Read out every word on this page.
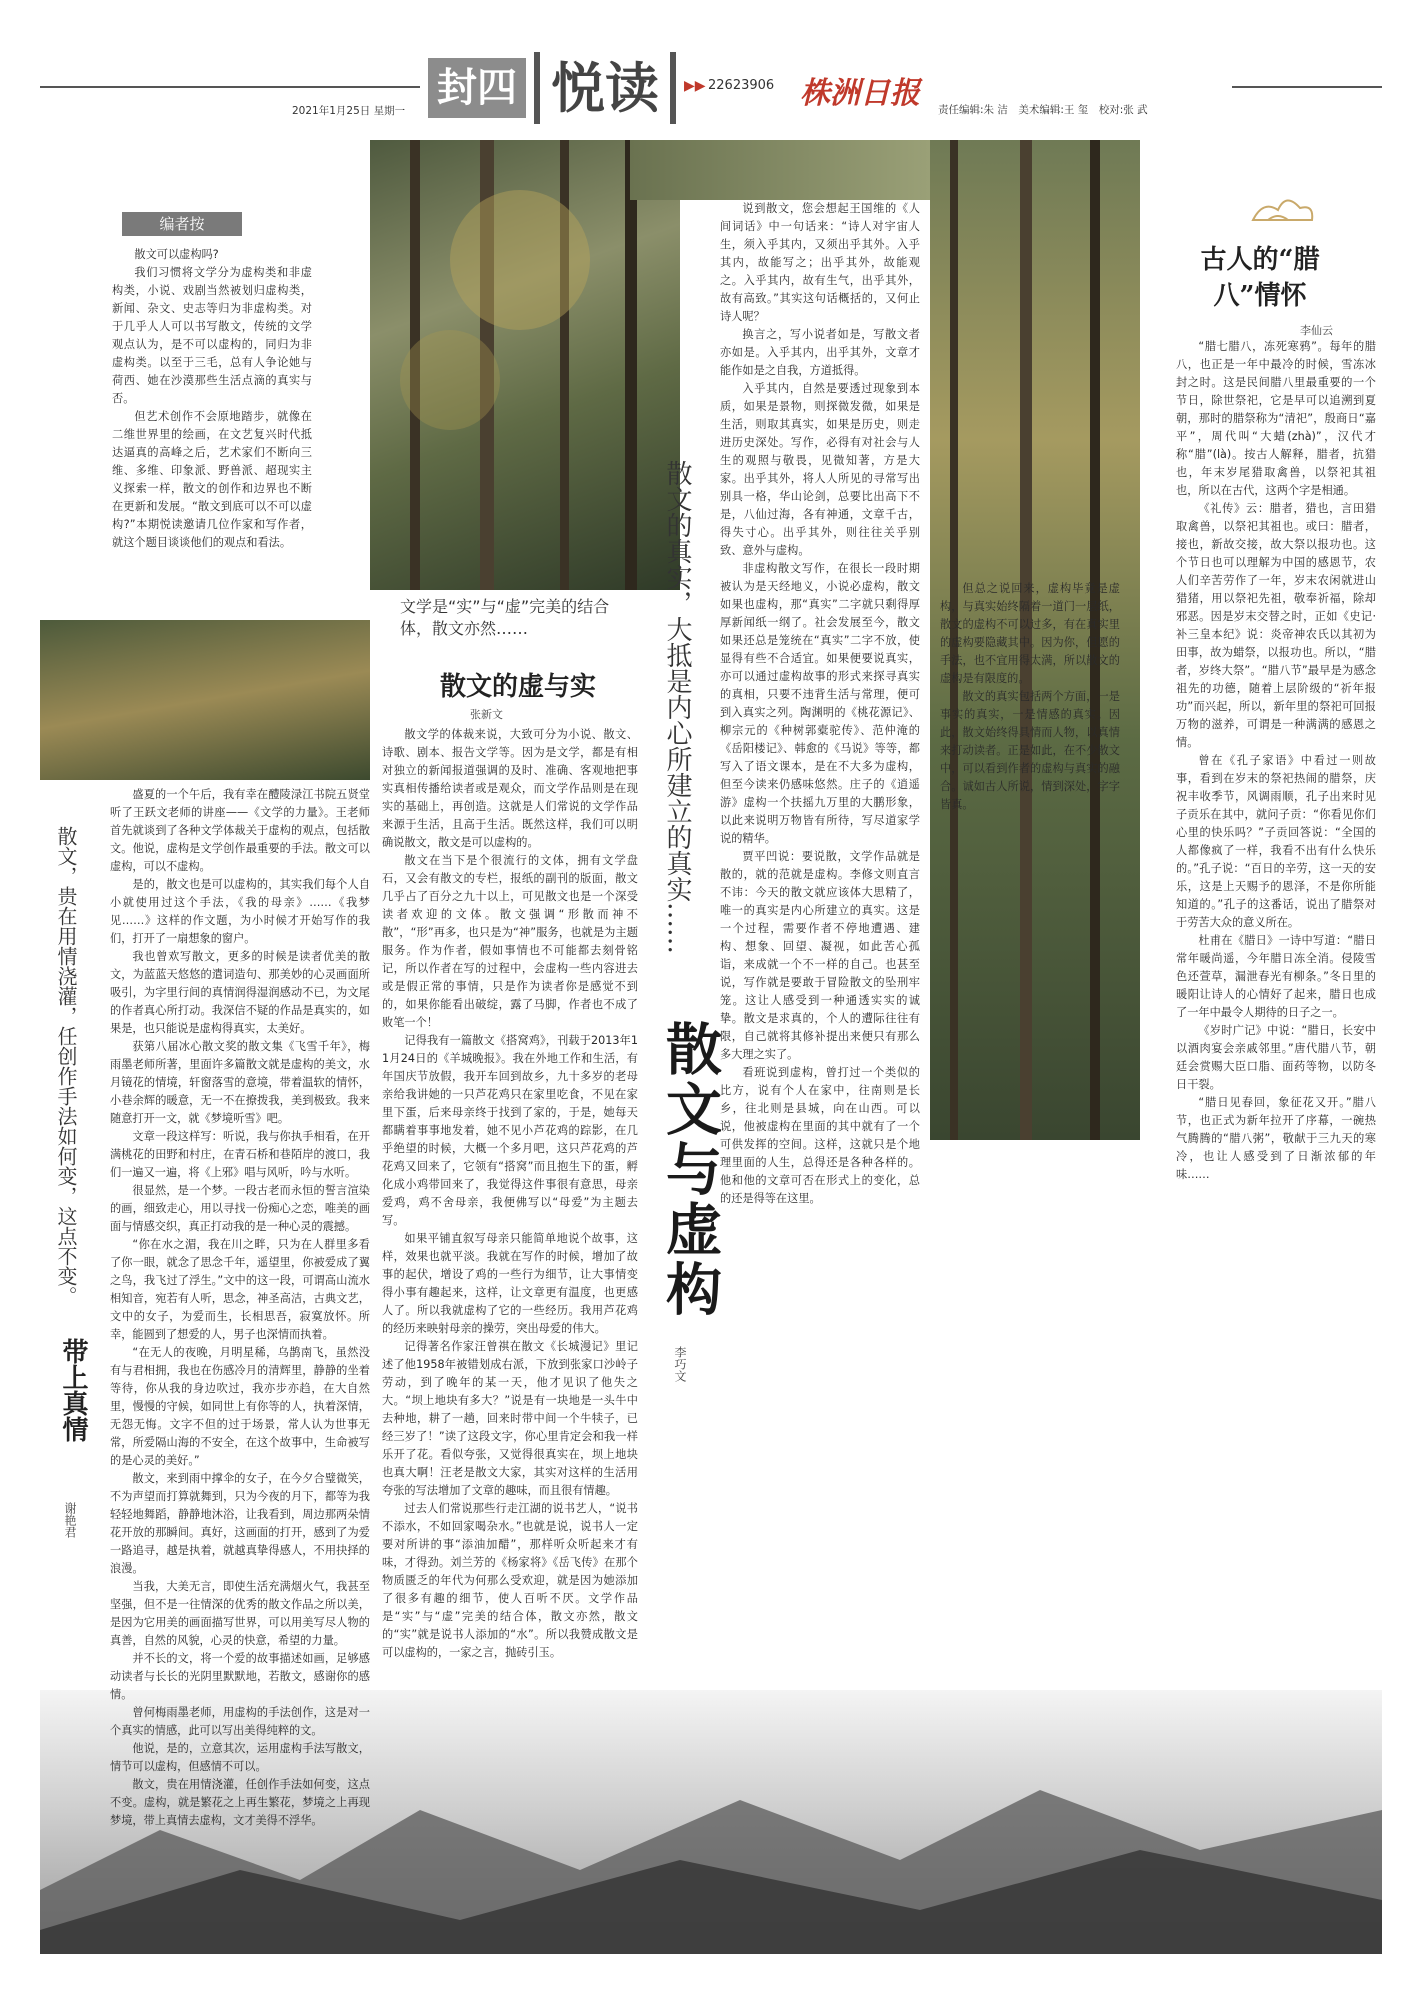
封四 悦读	▶▶ 22623906 株洲日报
2021年1月25日 星期一	责任编辑:朱 洁　美术编辑:王 玺　校对:张 武
编者按

散文可以虚构吗?

我们习惯将文学分为虚构类和非虚构类，小说、戏剧当然被划归虚构类，新闻、杂文、史志等归为非虚构类。对于几乎人人可以书写散文，传统的文学观点认为，是不可以虚构的，同归为非虚构类。以至于三毛，总有人争论她与荷西、她在沙漠那些生活点滴的真实与否。

但艺术创作不会原地踏步，就像在二维世界里的绘画，在文艺复兴时代抵达逼真的高峰之后，艺术家们不断向三维、多维、印象派、野兽派、超现实主义探索一样，散文的创作和边界也不断在更新和发展。“散文到底可以不可以虚构?”本期悦读邀请几位作家和写作者，就这个题目谈谈他们的观点和看法。

散文，贵在用情浇灌，任创作手法如何变，这点不变。
带上真情
谢艳君

盛夏的一个午后，我有幸在醴陵渌江书院五贤堂听了王跃文老师的讲座——《文学的力量》。王老师首先就谈到了各种文学体裁关于虚构的观点，包括散文。他说，虚构是文学创作最重要的手法。散文可以虚构，可以不虚构。

是的，散文也是可以虚构的，其实我们每个人自小就使用过这个手法，《我的母亲》……《我梦见……》这样的作文题，为小时候才开始写作的我们，打开了一扇想象的窗户。

我也曾欢写散文，更多的时候是读者优美的散文，为蓝蓝天悠悠的遣词造句、那美妙的心灵画面所吸引，为字里行间的真情润得湿润感动不已，为文尾的作者真心所打动。我深信不疑的作品是真实的，如果是，也只能说是虚构得真实，太美好。

获第八届冰心散文奖的散文集《飞雪千年》，梅雨墨老师所著，里面许多篇散文就是虚构的美文，水月镜花的情境，轩窗落雪的意境，带着温软的情怀，小巷余辉的暖意，无一不在撩拨我，美到极致。我来随意打开一文，就《梦境听雪》吧。

文章一段这样写：听说，我与你执手相看，在开满桃花的田野和村庄，在青石桥和巷陌岸的渡口，我们一遍又一遍，将《上邪》唱与风听，吟与水听。

很显然，是一个梦。一段古老而永恒的誓言渲染的画，细致走心，用以寻找一份痴心之恋，唯美的画面与情感交织，真正打动我的是一种心灵的震撼。

“你在水之湄，我在川之畔，只为在人群里多看了你一眼，就念了思念千年，遥望里，你被爱成了翼之鸟，我飞过了浮生。”文中的这一段，可谓高山流水相知音，宛若有人听，思念，神圣高洁，古典文艺，文中的女子，为爱而生，长相思吾，寂寞放怀。所幸，能圆到了想爱的人，男子也深情而执着。

“在无人的夜晚，月明星稀，乌鹊南飞，虽然没有与君相拥，我也在伤感冷月的清辉里，静静的坐着等待，你从我的身边吹过，我亦步亦趋，在大自然里，慢慢的守候，如同世上有你等的人，执着深情，无怨无悔。文字不但的过于场景，常人认为世事无常，所爱隔山海的不安全，在这个故事中，生命被写的是心灵的美好。”

散文，来到雨中撑伞的女子，在今夕合璧微笑，不为声望而打算就舞到，只为今夜的月下，都等为我轻轻地舞蹈，静静地沐浴，让我看到，周边那两朵情花开放的那瞬间。真好，这画面的打开，感到了为爱一路追寻，越是执着，就越真挚得感人，不用抉择的浪漫。

当我，大美无言，即使生活充满烟火气，我甚至坚强，但不是一往情深的优秀的散文作品之所以美，是因为它用美的画面描写世界，可以用美写尽人物的真善，自然的风貌，心灵的快意，希望的力量。

并不长的文，将一个爱的故事描述如画，足够感动读者与长长的光阴里默默地，若散文，感谢你的感情。

曾何梅雨墨老师，用虚构的手法创作，这是对一个真实的情感，此可以写出美得纯粹的文。

他说，是的，立意其次，运用虚构手法写散文，情节可以虚构，但感情不可以。

散文，贵在用情浇灌，任创作手法如何变，这点不变。虚构，就是繁花之上再生繁花，梦境之上再现梦境，带上真情去虚构，文才美得不浮华。

文学是“实”与“虚”完美的结合体，散文亦然……
散文的虚与实
张新文

散文学的体裁来说，大致可分为小说、散文、诗歌、剧本、报告文学等。因为是文学，都是有相对独立的新闻报道强调的及时、准确、客观地把事实真相传播给读者或是观众，而文学作品则是在现实的基础上，再创造。这就是人们常说的文学作品来源于生活，且高于生活。既然这样，我们可以明确说散文，散文是可以虚构的。

散文在当下是个很流行的文体，拥有文学盘石，又会有散文的专栏，报纸的副刊的版面，散文几乎占了百分之九十以上，可见散文也是一个深受读者欢迎的文体。散文强调“形散而神不散”，“形”再多，也只是为“神”服务，也就是为主题服务。作为作者，假如事情也不可能都去刻骨铭记，所以作者在写的过程中，会虚构一些内容进去或是假正常的事情，只是作为读者你是感觉不到的，如果你能看出破绽，露了马脚，作者也不成了败笔一个！

记得我有一篇散文《搭窝鸡》，刊载于2013年11月24日的《羊城晚报》。我在外地工作和生活，有年国庆节放假，我开车回到故乡，九十多岁的老母亲给我讲她的一只芦花鸡只在家里吃食，不见在家里下蛋，后来母亲终于找到了家的，于是，她每天都瞒着事事地发着，她不见小芦花鸡的踪影，在几乎绝望的时候，大概一个多月吧，这只芦花鸡的芦花鸡又回来了，它领有“搭窝”而且抱生下的蛋，孵化成小鸡带回来了，我觉得这件事很有意思，母亲爱鸡，鸡不舍母亲，我便佛写以“母爱”为主题去写。

如果平铺直叙写母亲只能简单地说个故事，这样，效果也就平淡。我就在写作的时候，增加了故事的起伏，增设了鸡的一些行为细节，让大事情变得小事有趣起来，这样，让文章更有温度，也更感人了。所以我就虚构了它的一些经历。我用芦花鸡的经历来映射母亲的操劳，突出母爱的伟大。

记得著名作家汪曾祺在散文《长城漫记》里记述了他1958年被错划成右派，下放到张家口沙岭子劳动，到了晚年的某一天，他才见识了他失之大。“坝上地块有多大？”说是有一块地是一头牛中去种地，耕了一趟，回来时带中间一个牛犊子，已经三岁了！”读了这段文字，你心里肯定会和我一样乐开了花。看似夸张，又觉得很真实在，坝上地块也真大啊！汪老是散文大家，其实对这样的生活用夸张的写法增加了文章的趣味，而且很有情趣。

过去人们常说那些行走江湖的说书艺人，“说书不添水，不如回家喝杂水。”也就是说，说书人一定要对所讲的事“添油加醋”，那样听众听起来才有味，才得劲。刘兰芳的《杨家将》《岳飞传》在那个物质匮乏的年代为何那么受欢迎，就是因为她添加了很多有趣的细节，使人百听不厌。文学作品是“实”与“虚”完美的结合体，散文亦然，散文的“实”就是说书人添加的“水”。所以我赞成散文是可以虚构的，一家之言，抛砖引玉。

散文的真实，大抵是内心所建立的真实……
散文与虚构
李巧文

说到散文，您会想起王国维的《人间词话》中一句话来：“诗人对宇宙人生，须入乎其内，又须出乎其外。入乎其内，故能写之；出乎其外，故能观之。入乎其内，故有生气，出乎其外，故有高致。”其实这句话概括的，又何止诗人呢？

换言之，写小说者如是，写散文者亦如是。入乎其内，出乎其外，文章才能作如是之自我，方道抵得。

入乎其内，自然是要透过现象到本质，如果是景物，则探微发微，如果是生活，则取其真实，如果是历史，则走进历史深处。写作，必得有对社会与人生的观照与敬畏，见微知著，方是大家。出乎其外，将人人所见的寻常写出别具一格，华山论剑，总要比出高下不是，八仙过海，各有神通，文章千古，得失寸心。出乎其外，则往往关乎别致、意外与虚构。

非虚构散文写作，在很长一段时期被认为是天经地义，小说必虚构，散文如果也虚构，那“真实”二字就只剩得厚厚新闻纸一纲了。社会发展至今，散文如果还总是笼统在“真实”二字不放，使显得有些不合适宜。如果便要说真实，亦可以通过虚构故事的形式来探寻真实的真相，只要不违背生活与常理，便可到入真实之列。陶渊明的《桃花源记》、柳宗元的《种树郭橐驼传》、范仲淹的《岳阳楼记》、韩愈的《马说》等等，都写入了语文课本，是在不大多为虚构，但至今读来仍感味悠然。庄子的《逍遥游》虚构一个扶摇九万里的大鹏形象，以此来说明万物皆有所待，写尽道家学说的精华。

贾平凹说：要说散，文学作品就是散的，就的范就是虚构。李修文则直言不讳：今天的散文就应该体大思精了，唯一的真实是内心所建立的真实。这是一个过程，需要作者不停地遭遇、建构、想象、回望、凝视，如此苦心孤诣，来成就一个不一样的自己。也甚至说，写作就是要敢于冒险散文的坠刑牢笼。这让人感受到一种通透实实的诚挚。散文是求真的，个人的遭际往往有限，自己就将其修补提出来便只有那么多大理之实了。

看班说到虚构，曾打过一个类似的比方，说有个人在家中，往南则是长乡，往北则是县城，向在山西。可以说，他被虚构在里面的其中就有了一个可供发挥的空间。这样，这就只是个地理里面的人生，总得还是各种各样的。他和他的文章可否在形式上的变化，总的还是得等在这里。

但总之说回来，虚构毕竟是虚构，与真实始终隔着一道门一层纸，散文的虚构不可以过多，有在真实里的虚构要隐藏其中。因为你，但愿的手法，也不宜用得太满，所以散文的虚构是有限度的。

散文的真实包括两个方面，一是事实的真实，一是情感的真实。因此，散文始终得具情而人物，以真情来打动读者。正是如此，在不少散文中，可以看到作者的虚构与真实的融合。诚如古人所说，情到深处，字字皆真。

古人的“腊八”情怀
李仙云

“腊七腊八，冻死寒鸦”。每年的腊八，也正是一年中最冷的时候，雪冻冰封之时。这是民间腊八里最重要的一个节日，除世祭祀，它是早可以追溯到夏朝，那时的腊祭称为“清祀”，殷商日“嘉平”，周代叫“大蜡(zhà)”，汉代才称“腊”(là)。按古人解释，腊者，抗猎也，年末岁尾猎取禽兽，以祭祀其祖也，所以在古代，这两个字是相通。

《礼传》云：腊者，猎也，言田猎取禽兽，以祭祀其祖也。或曰：腊者，接也，新故交接，故大祭以报功也。这个节日也可以理解为中国的感恩节，农人们辛苦劳作了一年，岁末农闲就进山猎猪，用以祭祀先祖，敬奉祈福，除却邪恶。因是岁末交替之时，正如《史记·补三皇本纪》说：炎帝神农氏以其初为田事，故为蜡祭，以报功也。所以，“腊者，岁终大祭”。“腊八节”最早是为感念祖先的功德，随着上层阶级的“祈年报功”而兴起，所以，新年里的祭祀可回报万物的滋养，可谓是一种满满的感恩之情。

曾在《孔子家语》中看过一则故事，看到在岁末的祭祀热闹的腊祭，庆祝丰收季节，风调雨顺，孔子出来时见子贡乐在其中，就问子贡：“你看见你们心里的快乐吗？”子贡回答说：“全国的人都像疯了一样，我看不出有什么快乐的。”孔子说：“百日的辛劳，这一天的安乐，这是上天赐予的恩泽，不是你所能知道的。”孔子的这番话，说出了腊祭对于劳苦大众的意义所在。

杜甫在《腊日》一诗中写道：“腊日常年暖尚遥，今年腊日冻全消。侵陵雪色还萱草，漏泄春光有柳条。”冬日里的暖阳让诗人的心情好了起来，腊日也成了一年中最令人期待的日子之一。

《岁时广记》中说：“腊日，长安中以酒肉宴会亲戚邻里。”唐代腊八节，朝廷会赏赐大臣口脂、面药等物，以防冬日干裂。

“腊日见春回，象征花又开。”腊八节，也正式为新年拉开了序幕，一碗热气腾腾的“腊八粥”，敬献于三九天的寒冷，也让人感受到了日渐浓郁的年味……
